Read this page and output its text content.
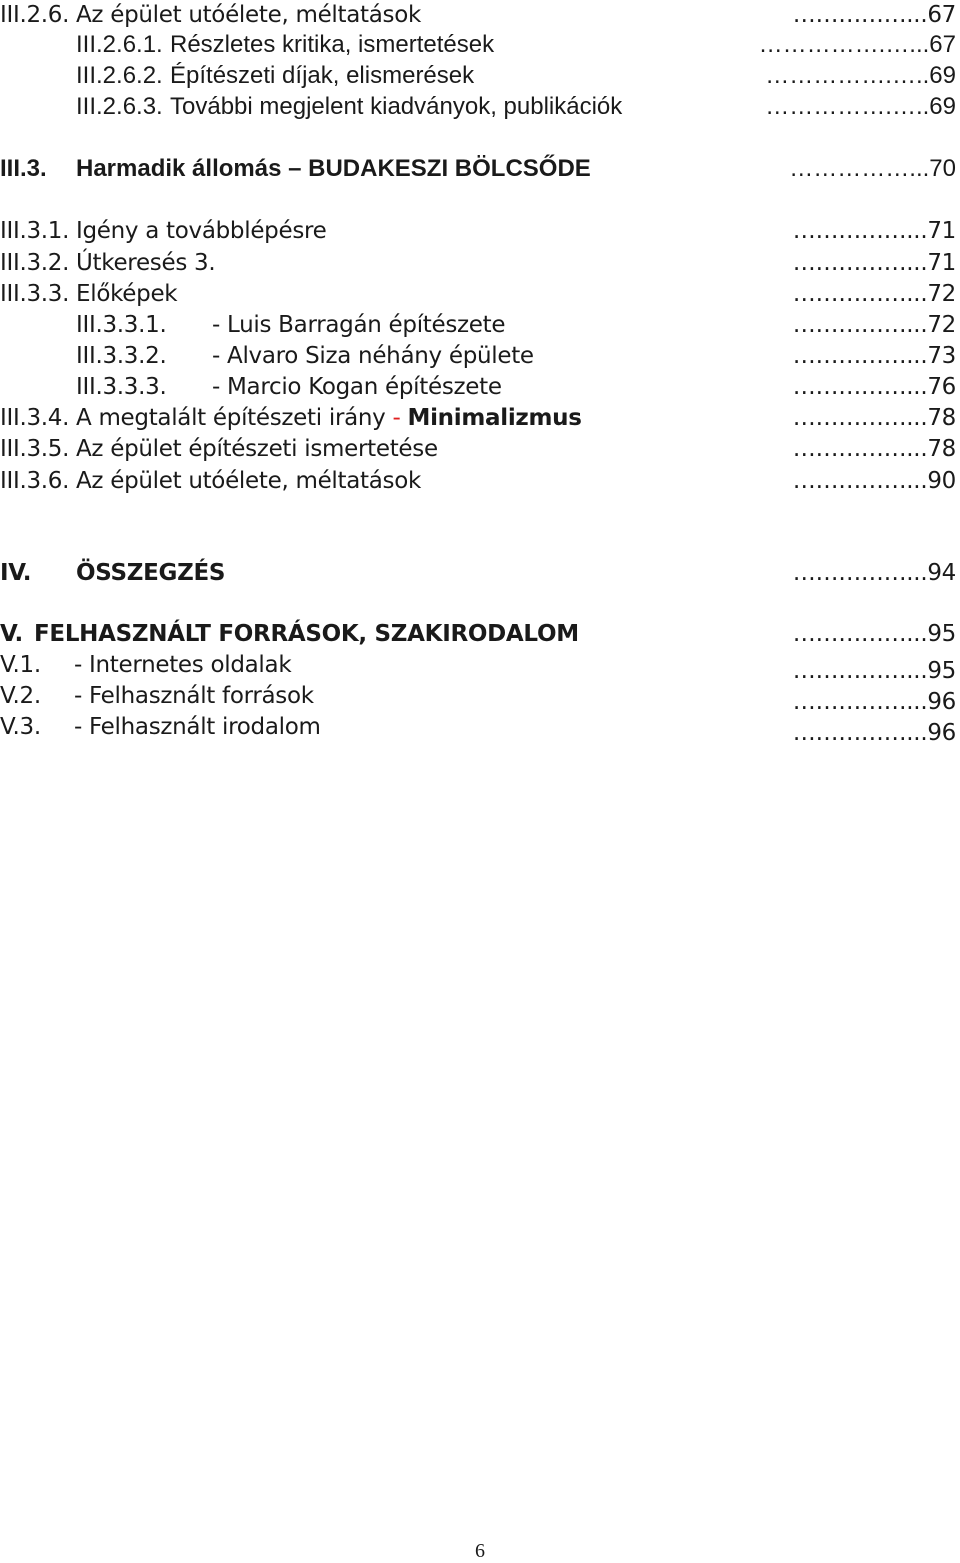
III.2.6. Az épület utóélete, méltatások	……………...67
III.2.6.1. Részletes kritika, ismertetések	…………….…...67
III.2.6.2. Építészeti díjak, elismerések	…………….…..69
III.2.6.3. További megjelent kiadványok, publikációk	…………….…..69
III.3. Harmadik állomás – BUDAKESZI BÖLCSŐDE	……………...70
III.3.1. Igény a továbblépésre	……………...71
III.3.2. Útkeresés 3.	……………...71
III.3.3. Előképek	……………...72
III.3.3.1. - Luis Barragán építészete	……………...72
III.3.3.2. - Alvaro Siza néhány épülete	……………...73
III.3.3.3. - Marcio Kogan építészete	……………...76
III.3.4. A megtalált építészeti irány - Minimalizmus	……………...78
III.3.5. Az épület építészeti ismertetése	……………...78
III.3.6. Az épület utóélete, méltatások	……………...90
IV. ÖSSZEGZÉS	……………...94
V. FELHASZNÁLT FORRÁSOK, SZAKIRODALOM	……………...95
V.1. - Internetes oldalak	……………...95
V.2. - Felhasznált források	……………...96
V.3. - Felhasznált irodalom	……………...96
6
